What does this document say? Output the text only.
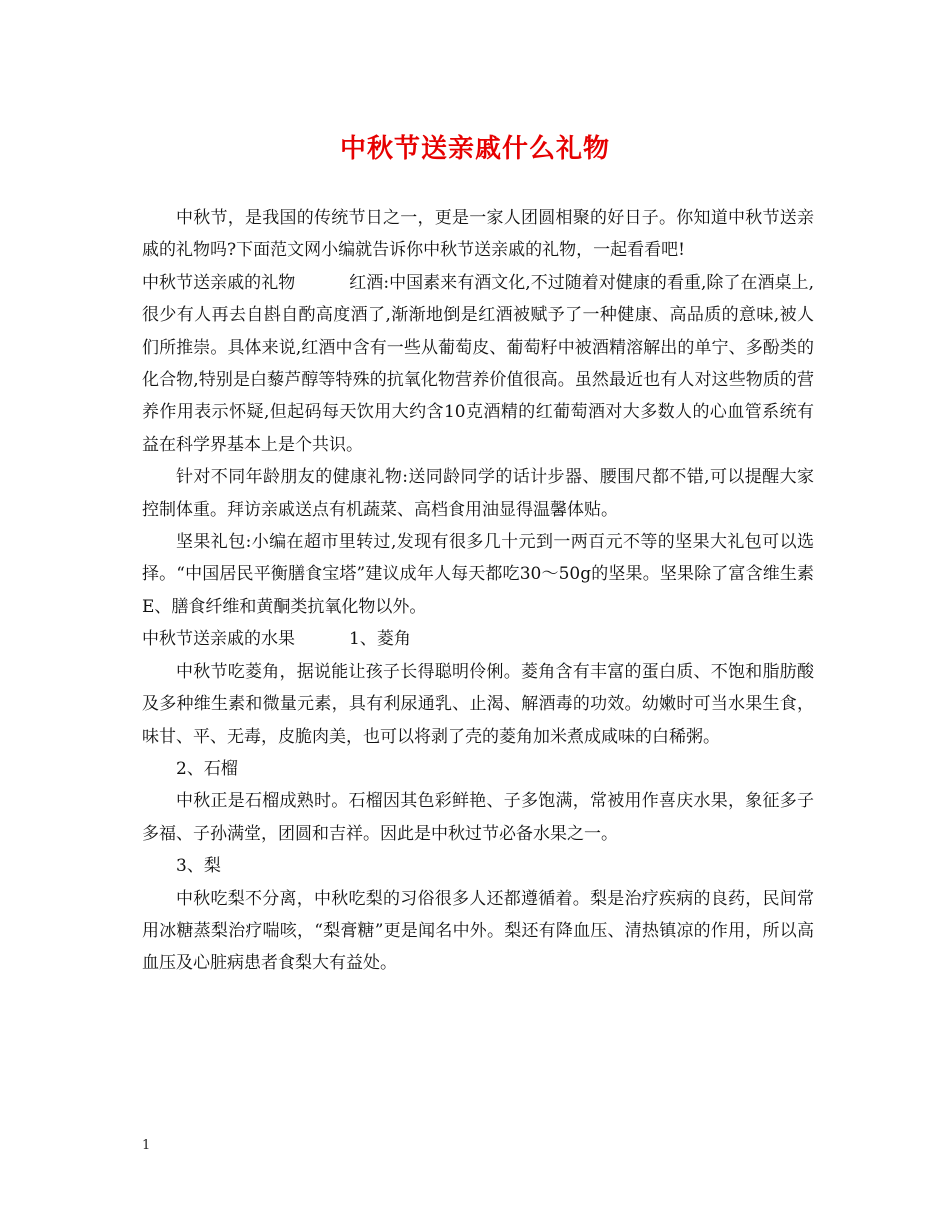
中秋节送亲戚什么礼物

中秋节，是我国的传统节日之一，更是一家人团圆相聚的好日子。你知道中秋节送亲戚的礼物吗?下面范文网小编就告诉你中秋节送亲戚的礼物，一起看看吧!

中秋节送亲戚的礼物	红酒:中国素来有酒文化,不过随着对健康的看重,除了在酒桌上,很少有人再去自斟自酌高度酒了,渐渐地倒是红酒被赋予了一种健康、高品质的意味,被人们所推崇。具体来说,红酒中含有一些从葡萄皮、葡萄籽中被酒精溶解出的单宁、多酚类的化合物,特别是白藜芦醇等特殊的抗氧化物营养价值很高。虽然最近也有人对这些物质的营养作用表示怀疑,但起码每天饮用大约含10克酒精的红葡萄酒对大多数人的心血管系统有益在科学界基本上是个共识。

针对不同年龄朋友的健康礼物:送同龄同学的话计步器、腰围尺都不错,可以提醒大家控制体重。拜访亲戚送点有机蔬菜、高档食用油显得温馨体贴。

坚果礼包:小编在超市里转过,发现有很多几十元到一两百元不等的坚果大礼包可以选择。“中国居民平衡膳食宝塔”建议成年人每天都吃30～50g的坚果。坚果除了富含维生素E、膳食纤维和黄酮类抗氧化物以外。

中秋节送亲戚的水果	1、菱角

中秋节吃菱角，据说能让孩子长得聪明伶俐。菱角含有丰富的蛋白质、不饱和脂肪酸及多种维生素和微量元素，具有利尿通乳、止渴、解酒毒的功效。幼嫩时可当水果生食，味甘、平、无毒，皮脆肉美，也可以将剥了壳的菱角加米煮成咸味的白稀粥。

2、石榴

中秋正是石榴成熟时。石榴因其色彩鲜艳、子多饱满，常被用作喜庆水果，象征多子多福、子孙满堂，团圆和吉祥。因此是中秋过节必备水果之一。

3、梨

中秋吃梨不分离，中秋吃梨的习俗很多人还都遵循着。梨是治疗疾病的良药，民间常用冰糖蒸梨治疗喘咳，“梨膏糖”更是闻名中外。梨还有降血压、清热镇凉的作用，所以高血压及心脏病患者食梨大有益处。

1
